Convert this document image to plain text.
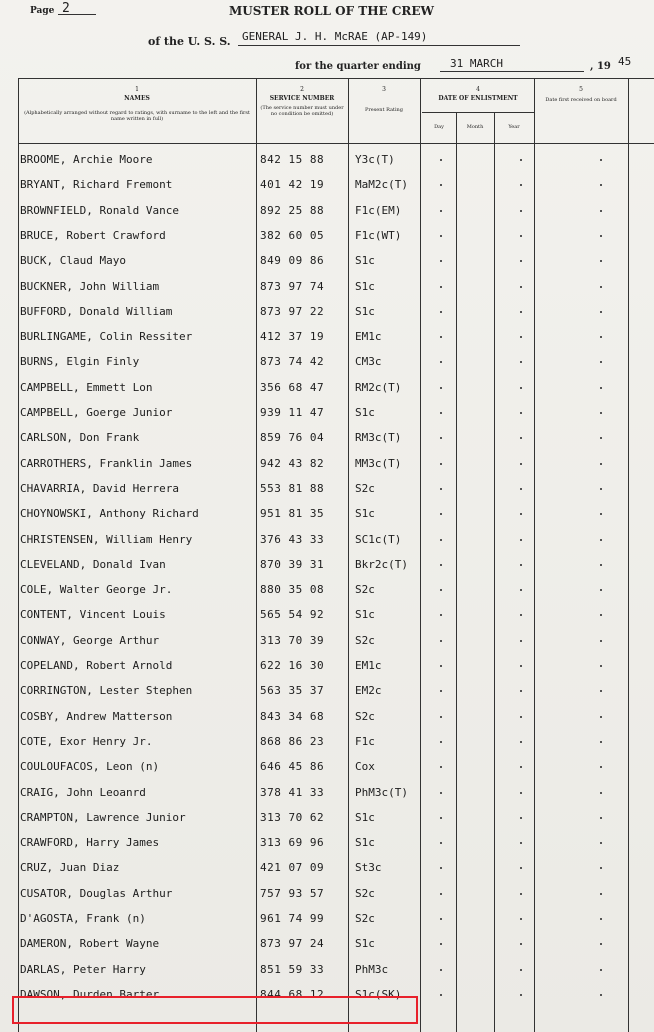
Page 2	MUSTER ROLL OF THE CREW
of the U. S. S. GENERAL J. H. McRAE (AP-149)
for the quarter ending	31 MARCH	, 19 45
1
NAMES
(Alphabetically arranged without regard to ratings, with surname to the left and the first name written in full)
2
SERVICE NUMBER
(The service number must under no condition be omitted)
3
Present Rating
4
DATE OF ENLISTMENT
Day	Month	Year
5
Date first received on board
BROOME, Archie Moore	842 15 88	Y3c(T)
BRYANT, Richard Fremont	401 42 19	MaM2c(T)
BROWNFIELD, Ronald Vance	892 25 88	F1c(EM)
BRUCE, Robert Crawford	382 60 05	F1c(WT)
BUCK, Claud Mayo	849 09 86	S1c
BUCKNER, John William	873 97 74	S1c
BUFFORD, Donald William	873 97 22	S1c
BURLINGAME, Colin Ressiter	412 37 19	EM1c
BURNS, Elgin Finly	873 74 42	CM3c
CAMPBELL, Emmett Lon	356 68 47	RM2c(T)
CAMPBELL, Goerge Junior	939 11 47	S1c
CARLSON, Don Frank	859 76 04	RM3c(T)
CARROTHERS, Franklin James	942 43 82	MM3c(T)
CHAVARRIA, David Herrera	553 81 88	S2c
CHOYNOWSKI, Anthony Richard	951 81 35	S1c
CHRISTENSEN, William Henry	376 43 33	SC1c(T)
CLEVELAND, Donald Ivan	870 39 31	Bkr2c(T)
COLE, Walter George Jr.	880 35 08	S2c
CONTENT, Vincent Louis	565 54 92	S1c
CONWAY, George Arthur	313 70 39	S2c
COPELAND, Robert Arnold	622 16 30	EM1c
CORRINGTON, Lester Stephen	563 35 37	EM2c
COSBY, Andrew Matterson	843 34 68	S2c
COTE, Exor Henry Jr.	868 86 23	F1c
COULOUFACOS, Leon (n)	646 45 86	Cox
CRAIG, John Leoanrd	378 41 33	PhM3c(T)
CRAMPTON, Lawrence Junior	313 70 62	S1c
CRAWFORD, Harry James	313 69 96	S1c
CRUZ, Juan Diaz	421 07 09	St3c
CUSATOR, Douglas Arthur	757 93 57	S2c
D'AGOSTA, Frank (n)	961 74 99	S2c
DAMERON, Robert Wayne	873 97 24	S1c
DARLAS, Peter Harry	851 59 33	PhM3c
DAWSON, Durden Barter	844 68 12	S1c(SK)
